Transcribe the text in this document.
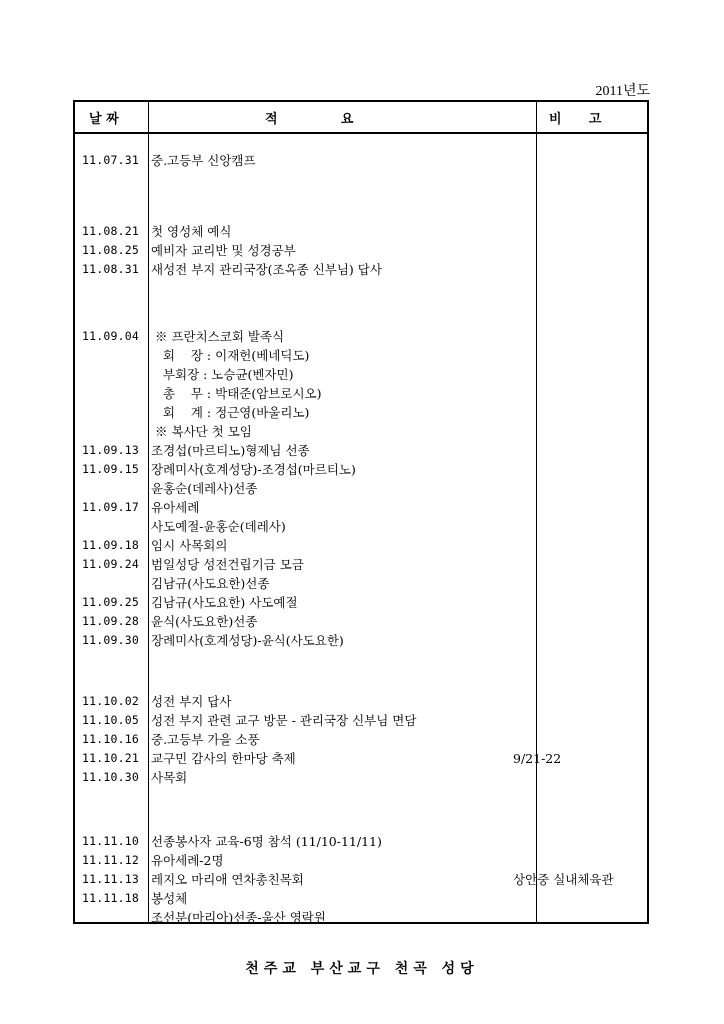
2011년도
날 짜	적              요	비      고
11.07.31 중.고등부 신앙캠프
11.08.21 첫 영성체 예식
11.08.25 예비자 교리반 및 성경공부
11.08.31 새성전 부지 관리국장(조옥종 신부님) 답사
11.09.04 ※ 프란치스코회 발족식
회    장 : 이재헌(베네딕도)
부회장 : 노승균(벤자민)
총    무 : 박태준(암브로시오)
회    계 : 정근영(바울리노)
※ 복사단 첫 모임
11.09.13 조경섭(마르티노)형제님 선종
11.09.15 장례미사(호계성당)-조경섭(마르티노)
윤홍순(데레사)선종
11.09.17 유아세례
사도예절-윤홍순(데레사)
11.09.18 임시 사목회의
11.09.24 범일성당 성전건립기금 모금
김남규(사도요한)선종
11.09.25 김남규(사도요한) 사도예절
11.09.28 윤식(사도요한)선종
11.09.30 장례미사(호계성당)-윤식(사도요한)
11.10.02 성전 부지 답사
11.10.05 성전 부지 관련 교구 방문 - 관리국장 신부님 면담
11.10.16 중.고등부 가을 소풍
11.10.21 교구민 감사의 한마당 축제	9/21-22
11.10.30 사목회
11.11.10 선종봉사자 교육-6명 참석 (11/10-11/11)
11.11.12 유아세례-2명
11.11.13 레지오 마리애 연차총친목회	상안중 실내체육관
11.11.18 봉성체
조선분(마리아)선종-울산 영락원
천주교 부산교구 천곡 성당
